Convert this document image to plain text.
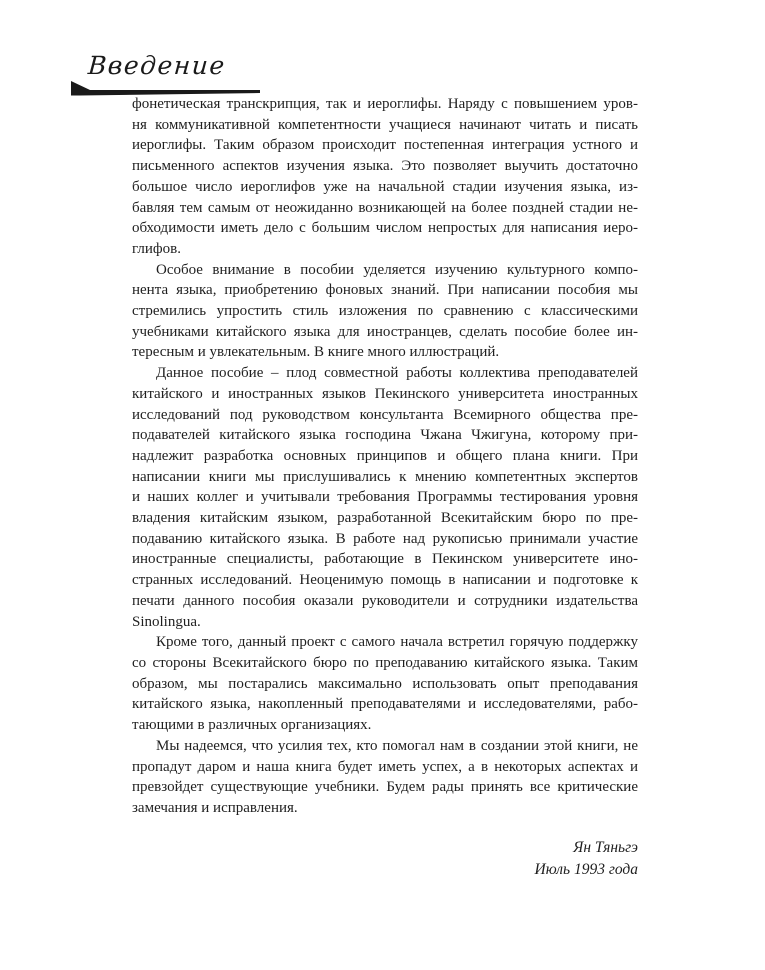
Введение
фонетическая транскрипция, так и иероглифы. Наряду с повышением уров-
ня коммуникативной компетентности учащиеся начинают читать и писать
иероглифы. Таким образом происходит постепенная интеграция устного и
письменного аспектов изучения языка. Это позволяет выучить достаточно
большое число иероглифов уже на начальной стадии изучения языка, из-
бавляя тем самым от неожиданно возникающей на более поздней стадии не-
обходимости иметь дело с большим числом непростых для написания иеро-
глифов.
Особое внимание в пособии уделяется изучению культурного компо-
нента языка, приобретению фоновых знаний. При написании пособия мы
стремились упростить стиль изложения по сравнению с классическими
учебниками китайского языка для иностранцев, сделать пособие более ин-
тересным и увлекательным. В книге много иллюстраций.
Данное пособие – плод совместной работы коллектива преподавателей
китайского и иностранных языков Пекинского университета иностранных
исследований под руководством консультанта Всемирного общества пре-
подавателей китайского языка господина Чжана Чжигуна, которому при-
надлежит разработка основных принципов и общего плана книги. При
написании книги мы прислушивались к мнению компетентных экспертов
и наших коллег и учитывали требования Программы тестирования уровня
владения китайским языком, разработанной Всекитайским бюро по пре-
подаванию китайского языка. В работе над рукописью принимали участие
иностранные специалисты, работающие в Пекинском университете ино-
странных исследований. Неоценимую помощь в написании и подготовке к
печати данного пособия оказали руководители и сотрудники издательства
Sinolingua.
Кроме того, данный проект с самого начала встретил горячую поддержку
со стороны Всекитайского бюро по преподаванию китайского языка. Таким
образом, мы постарались максимально использовать опыт преподавания
китайского языка, накопленный преподавателями и исследователями, рабо-
тающими в различных организациях.
Мы надеемся, что усилия тех, кто помогал нам в создании этой книги, не
пропадут даром и наша книга будет иметь успех, а в некоторых аспектах и
превзойдет существующие учебники. Будем рады принять все критические
замечания и исправления.
Ян Тяньгэ
Июль 1993 года
